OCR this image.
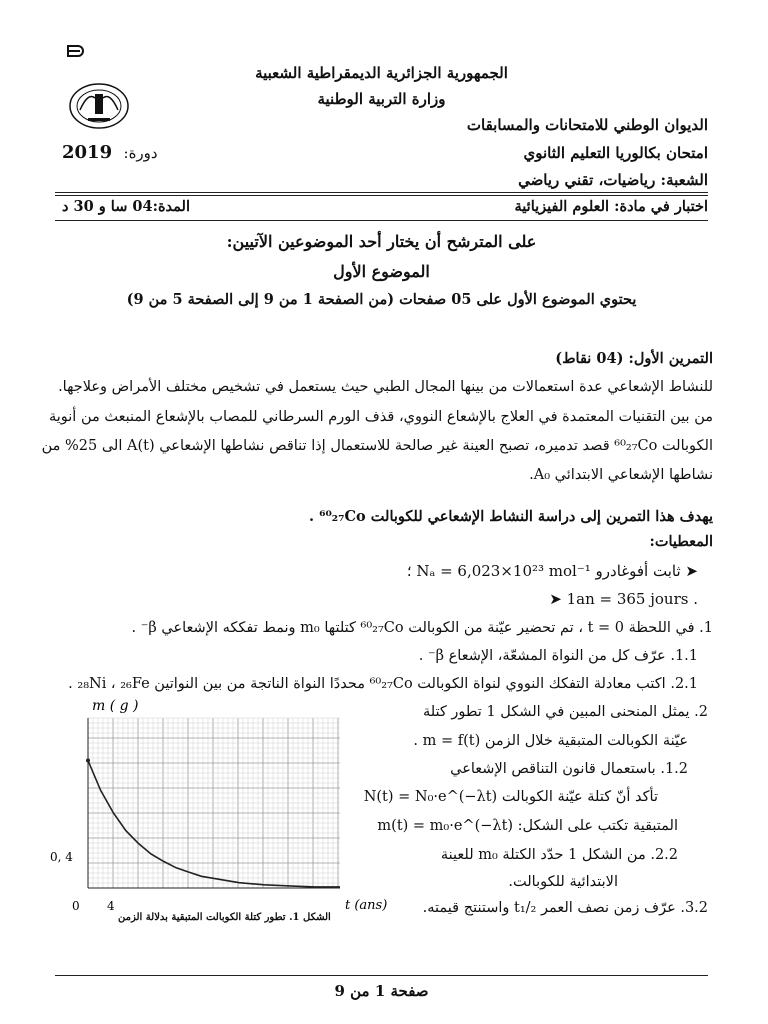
الجمهورية الجزائرية الديمقراطية الشعبية
وزارة التربية الوطنية
الديوان الوطني للامتحانات والمسابقات
امتحان بكالوريا التعليم الثانوي
الشعبة: رياضيات، تقني رياضي
2019 دورة:
اختبار في مادة: العلوم الفيزيائية
المدة:04 سا و 30 د
على المترشح أن يختار أحد الموضوعين الآتيين:
الموضوع الأول
يحتوي الموضوع الأول على 05 صفحات (من الصفحة 1 من 9 إلى الصفحة 5 من 9)
التمرين الأول: (04 نقاط)
للنشاط الإشعاعي عدة استعمالات من بينها المجال الطبي حيث يستعمل في تشخيص مختلف الأمراض وعلاجها.
من بين التقنيات المعتمدة في العلاج بالإشعاع النووي، قذف الورم السرطاني للمصاب بالإشعاع المنبعث من أنوية
الكوبالت ⁶⁰₂₇Co قصد تدميره، تصبح العينة غير صالحة للاستعمال إذا تناقص نشاطها الإشعاعي A(t) الى 25% من
نشاطها الإشعاعي الابتدائي A₀.
يهدف هذا التمرين إلى دراسة النشاط الإشعاعي للكوبالت ⁶⁰₂₇Co .
المعطيات:
➤ ثابت أفوغادرو Nₐ = 6,023×10²³ mol⁻¹ ؛
➤ 1an = 365 jours .
1. في اللحظة t = 0 ، تم تحضير عيّنة من الكوبالت ⁶⁰₂₇Co كتلتها m₀ ونمط تفككه الإشعاعي β⁻ .
1.1. عرّف كل من النواة المشعّة، الإشعاع β⁻ .
2.1. اكتب معادلة التفكك النووي لنواة الكوبالت ⁶⁰₂₇Co محددًا النواة الناتجة من بين النواتين ₂₈Ni ، ₂₆Fe .
2. يمثل المنحنى المبين في الشكل 1 تطور كتلة
عيّنة الكوبالت المتبقية خلال الزمن m = f(t) .
1.2. باستعمال قانون التناقص الإشعاعي
N(t) = N₀·e^(−λt) تأكد أنّ كتلة عيّنة الكوبالت
المتبقية تكتب على الشكل: m(t) = m₀·e^(−λt)
2.2. من الشكل 1 حدّد الكتلة m₀ للعينة
الابتدائية للكوبالت.
3.2. عرّف زمن نصف العمر t₁/₂ واستنتج قيمته.
m ( g )
t (ans)
0, 4
0 4
الشكل 1. تطور كتلة الكوبالت المتبقية بدلالة الزمن
صفحة 1 من 9
